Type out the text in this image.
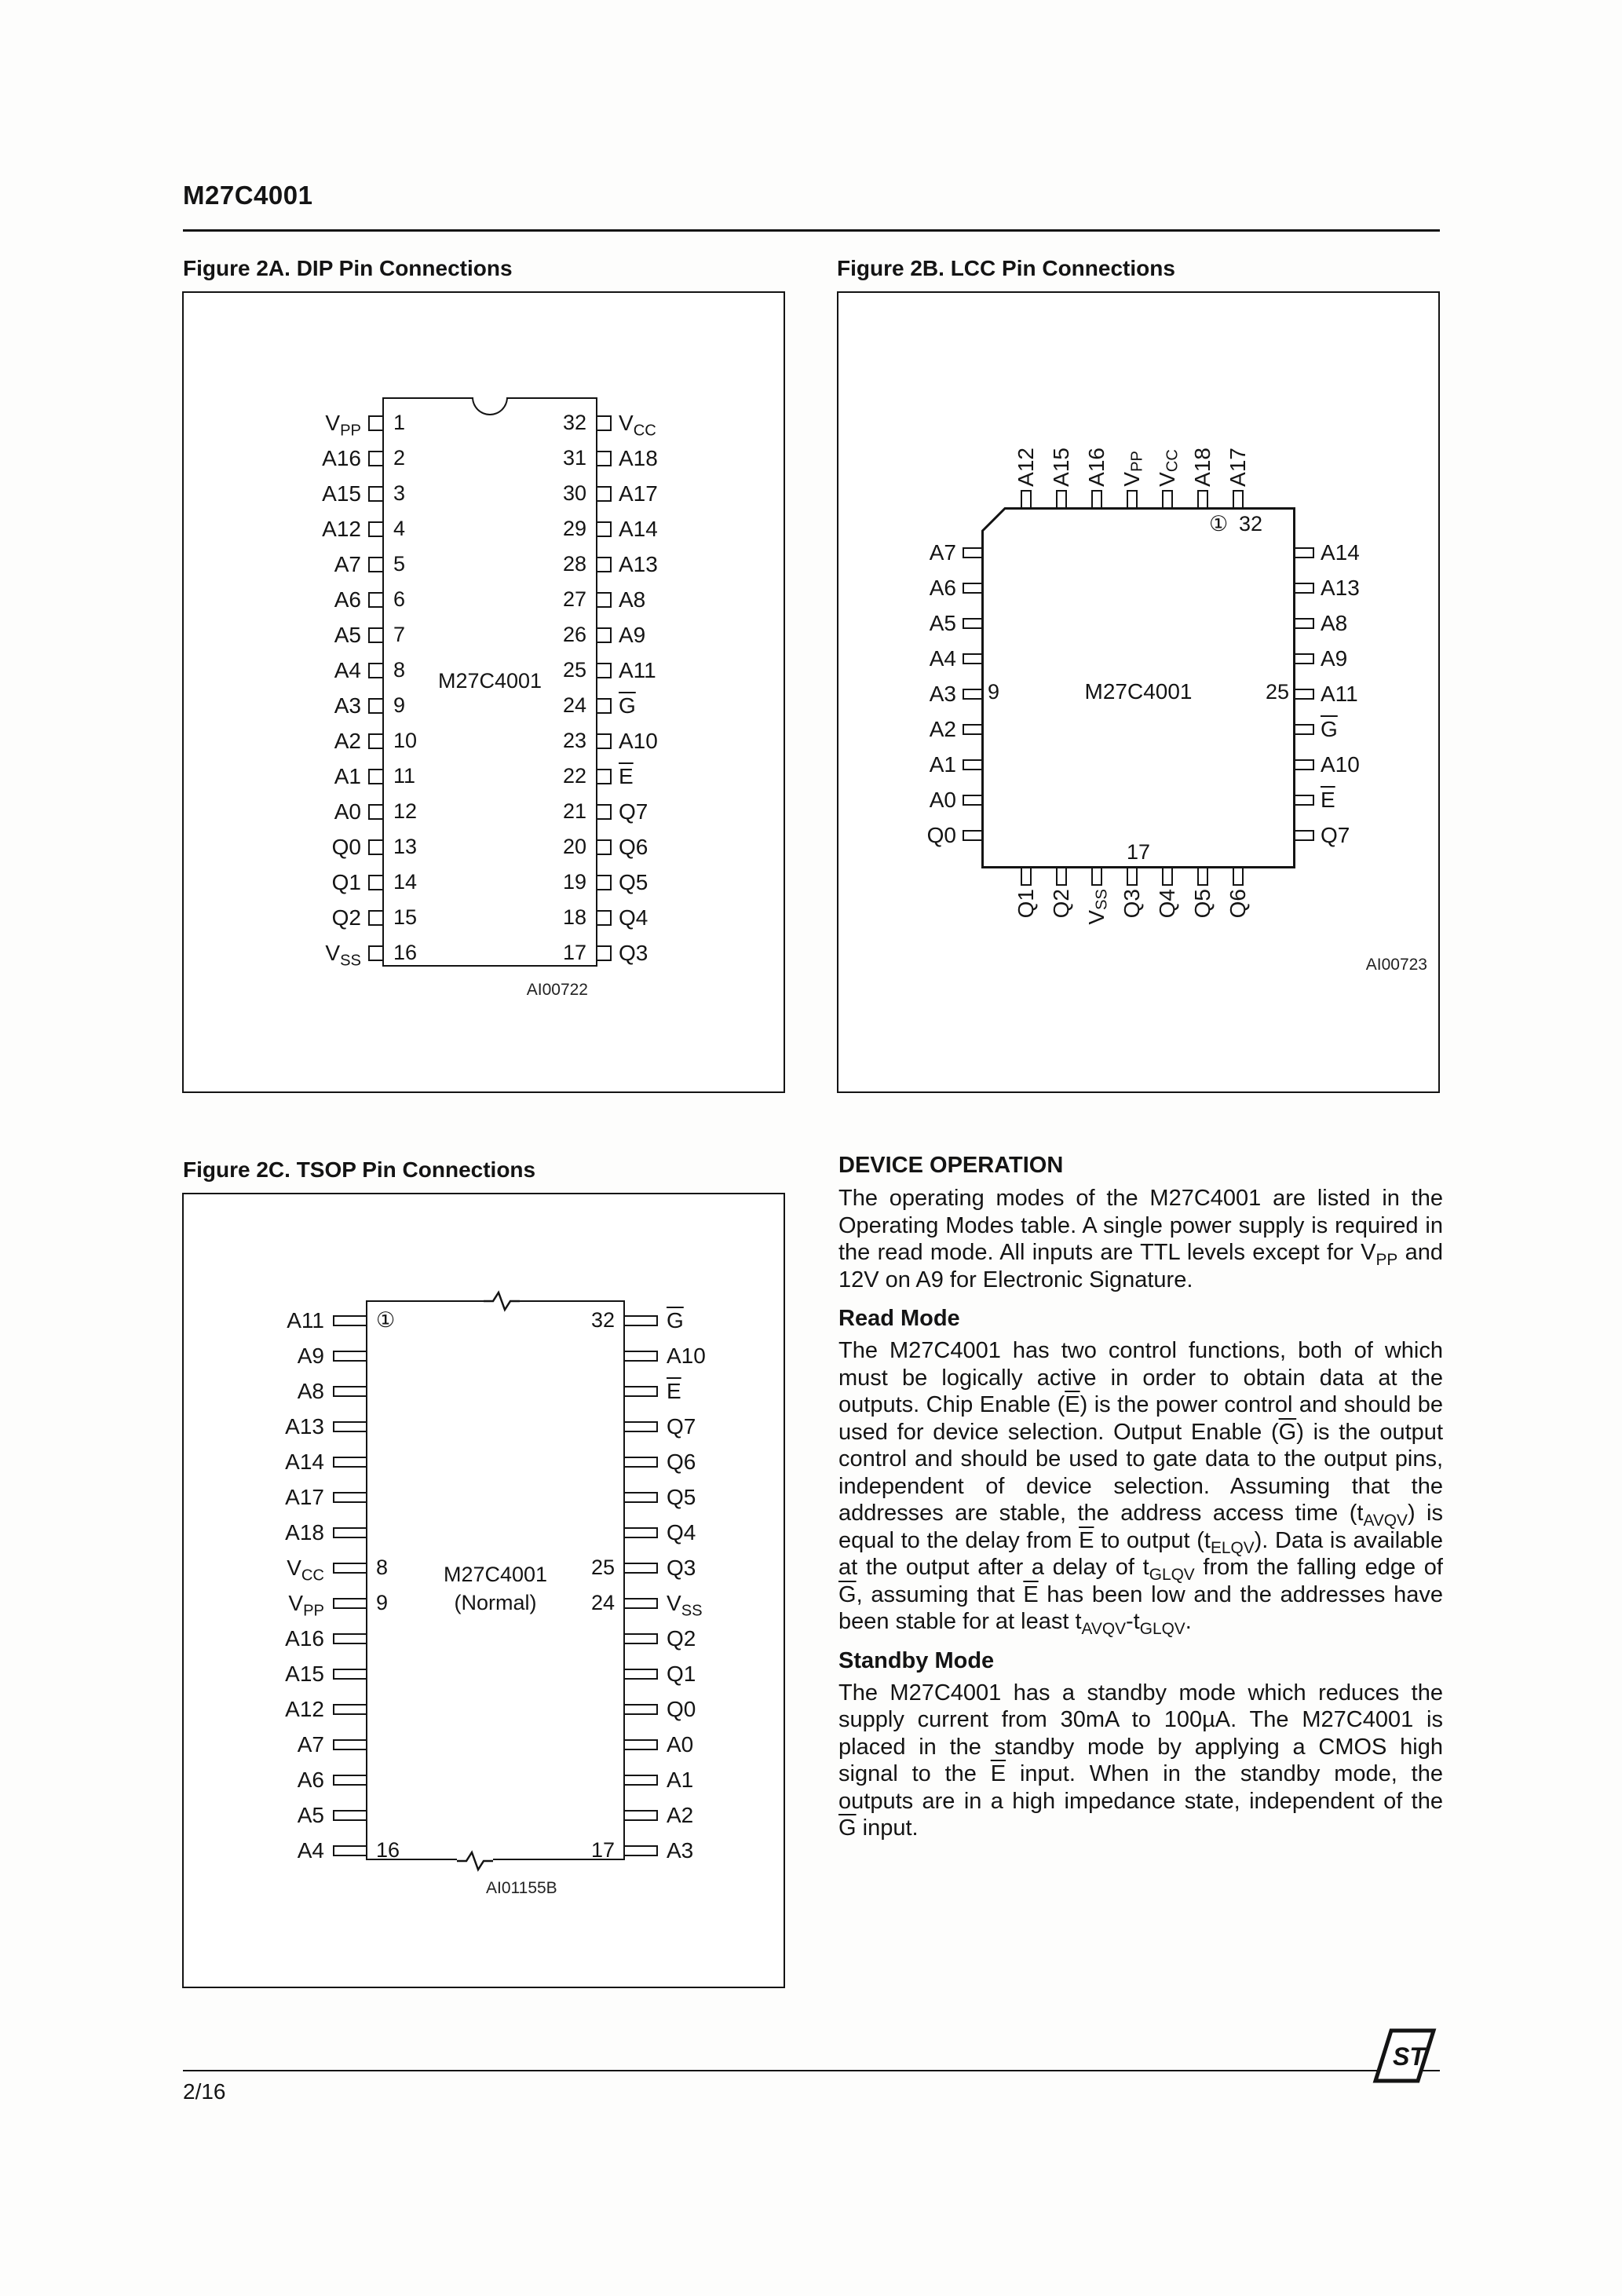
M27C4001
Figure 2A. DIP Pin Connections
M27C4001
$V_{PP}$	1	32	$V_{CC}$
A16	2	31	A18
A15	3	30	A17
A12	4	29	A14
A7	5	28	A13
A6	6	27	A8
A5	7	26	A9
A4	8	25	A11
A3	9	24	$\overline{G}$
A2	10	23	A10
A1	11	22	$\overline{E}$
A0	12	21	Q7
Q0	13	20	Q6
Q1	14	19	Q5
Q2	15	18	Q4
$V_{SS}$	16	17	Q3
AI00722
Figure 2B. LCC Pin Connections
A12 A15 A16 $V_{PP}$
$V_{CC}$ A18 A17
Q1 Q2 $V_{SS}$ Q3 Q4 Q5 Q6
A7
A6
A5
A4
A3
A2
A1
A0
Q0
A14
A13
A8
A9
A11
$\overline{G}$
A10
$\overline{E}$
Q7
① 32
9	25
17
M27C4001
AI00723
Figure 2C. TSOP Pin Connections
A11	①	32	$\overline{G}$
A9	A10
A8	$\overline{E}$
A13	Q7
A14	Q6
A17	Q5
A18	Q4
$V_{CC}$	8	25	Q3
$V_{PP}$	9	24	$V_{SS}$
A16	Q2
A15	Q1
A12	Q0
A7	A0
A6	A1
A5	A2
A4	16	17	A3
M27C4001
(Normal)
AI01155B
DEVICE OPERATION

The operating modes of the M27C4001 are listed in the Operating Modes table. A single power supply is required in the read mode. All inputs are TTL levels except for $V_{PP}$ and 12V on A9 for Electronic Signature.

Read Mode

The M27C4001 has two control functions, both of which must be logically active in order to obtain data at the outputs. Chip Enable $(\overline{E})$ is the power control and should be used for device selection. Output Enable $(\overline{G})$ is the output control and should be used to gate data to the output pins, independent of device selection. Assuming that the addresses are stable, the address access time $(t_{AVQV})$ is equal to the delay from $\overline{E}$ to output $(t_{ELQV})$. Data is available at the output after a delay of $t_{GLQV}$ from the falling edge of $\overline{G}$, assuming that $\overline{E}$ has been low and the addresses have been stable for at least $t_{AVQV}-t_{GLQV}$.

Standby Mode

The M27C4001 has a standby mode which reduces the supply current from 30mA to 100µA. The M27C4001 is placed in the standby mode by applying a CMOS high signal to the $\overline{E}$ input. When in the standby mode, the outputs are in a high impedance state, independent of the $\overline{G}$ input.

2/16
ST
